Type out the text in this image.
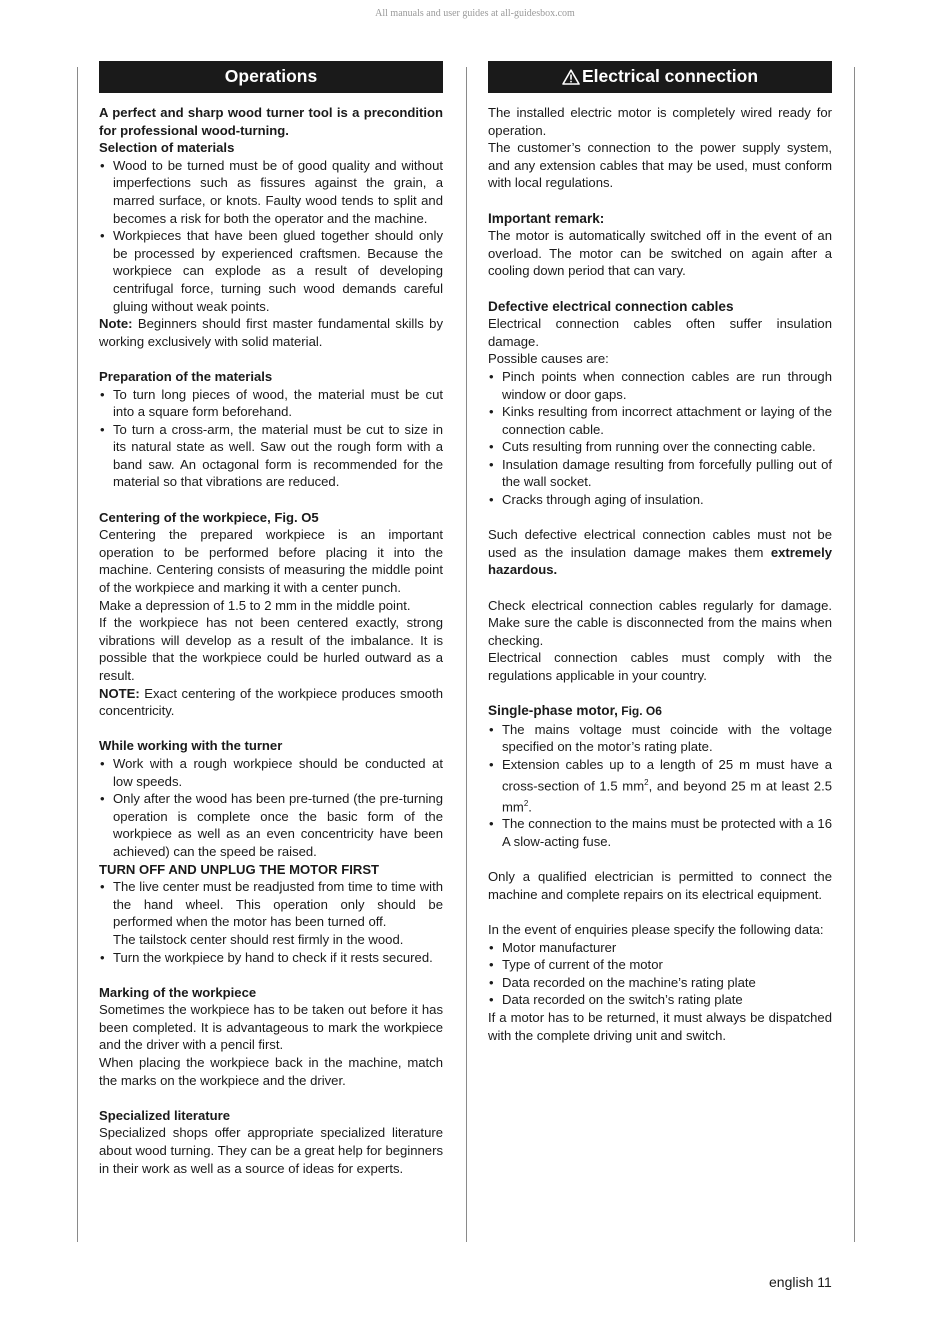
All manuals and user guides at all-guidesbox.com
Operations

A perfect and sharp wood turner tool is a precondition for professional wood-turning.

Selection of materials

• Wood to be turned must be of good quality and without imperfections such as fissures against the grain, a marred surface, or knots. Faulty wood tends to split and becomes a risk for both the operator and the machine.
• Workpieces that have been glued together should only be processed by experienced craftsmen. Because the workpiece can explode as a result of developing centrifugal force, turning such wood demands careful gluing without weak points.

Note: Beginners should first master fundamental skills by working exclusively with solid material.

Preparation of the materials

• To turn long pieces of wood, the material must be cut into a square form beforehand.
• To turn a cross-arm, the material must be cut to size in its natural state as well. Saw out the rough form with a band saw. An octagonal form is recommended for the material so that vibrations are reduced.

Centering of the workpiece, Fig. O5

Centering the prepared workpiece is an important operation to be performed before placing it into the machine. Centering consists of measuring the middle point of the workpiece and marking it with a center punch.

Make a depression of 1.5 to 2 mm in the middle point.

If the workpiece has not been centered exactly, strong vibrations will develop as a result of the imbalance. It is possible that the workpiece could be hurled outward as a result.

NOTE: Exact centering of the workpiece produces smooth concentricity.

While working with the turner

• Work with a rough workpiece should be conducted at low speeds.
• Only after the wood has been pre-turned (the pre-turning operation is complete once the basic form of the workpiece as well as an even concentricity have been achieved) can the speed be raised.

TURN OFF AND UNPLUG THE MOTOR FIRST

• The live center must be readjusted from time to time with the hand wheel. This operation only should be performed when the motor has been turned off.
The tailstock center should rest firmly in the wood.
• Turn the workpiece by hand to check if it rests secured.

Marking of the workpiece

Sometimes the workpiece has to be taken out before it has been completed. It is advantageous to mark the workpiece and the driver with a pencil first.

When placing the workpiece back in the machine, match the marks on the workpiece and the driver.

Specialized literature

Specialized shops offer appropriate specialized literature about wood turning. They can be a great help for beginners in their work as well as a source of ideas for experts.

Electrical connection

The installed electric motor is completely wired ready for operation.

The customer’s connection to the power supply system, and any extension cables that may be used, must conform with local regulations.

Important remark:

The motor is automatically switched off in the event of an overload. The motor can be switched on again after a cooling down period that can vary.

Defective electrical connection cables

Electrical connection cables often suffer insulation damage.

Possible causes are:

• Pinch points when connection cables are run through window or door gaps.
• Kinks resulting from incorrect attachment or laying of the connection cable.
• Cuts resulting from running over the connecting cable.
• Insulation damage resulting from forcefully pulling out of the wall socket.
• Cracks through aging of insulation.

Such defective electrical connection cables must not be used as the insulation damage makes them extremely hazardous.

Check electrical connection cables regularly for damage. Make sure the cable is disconnected from the mains when checking.

Electrical connection cables must comply with the regulations applicable in your country.

Single-phase motor, Fig. O6

• The mains voltage must coincide with the voltage specified on the motor’s rating plate.
• Extension cables up to a length of 25 m must have a cross-section of 1.5 $mm^2$, and beyond 25 m at least 2.5 $mm^2$.
• The connection to the mains must be protected with a 16 A slow-acting fuse.

Only a qualified electrician is permitted to connect the machine and complete repairs on its electrical equipment.

In the event of enquiries please specify the following data:

• Motor manufacturer
• Type of current of the motor
• Data recorded on the machine’s rating plate
• Data recorded on the switch’s rating plate

If a motor has to be returned, it must always be dispatched with the complete driving unit and switch.

english 11
